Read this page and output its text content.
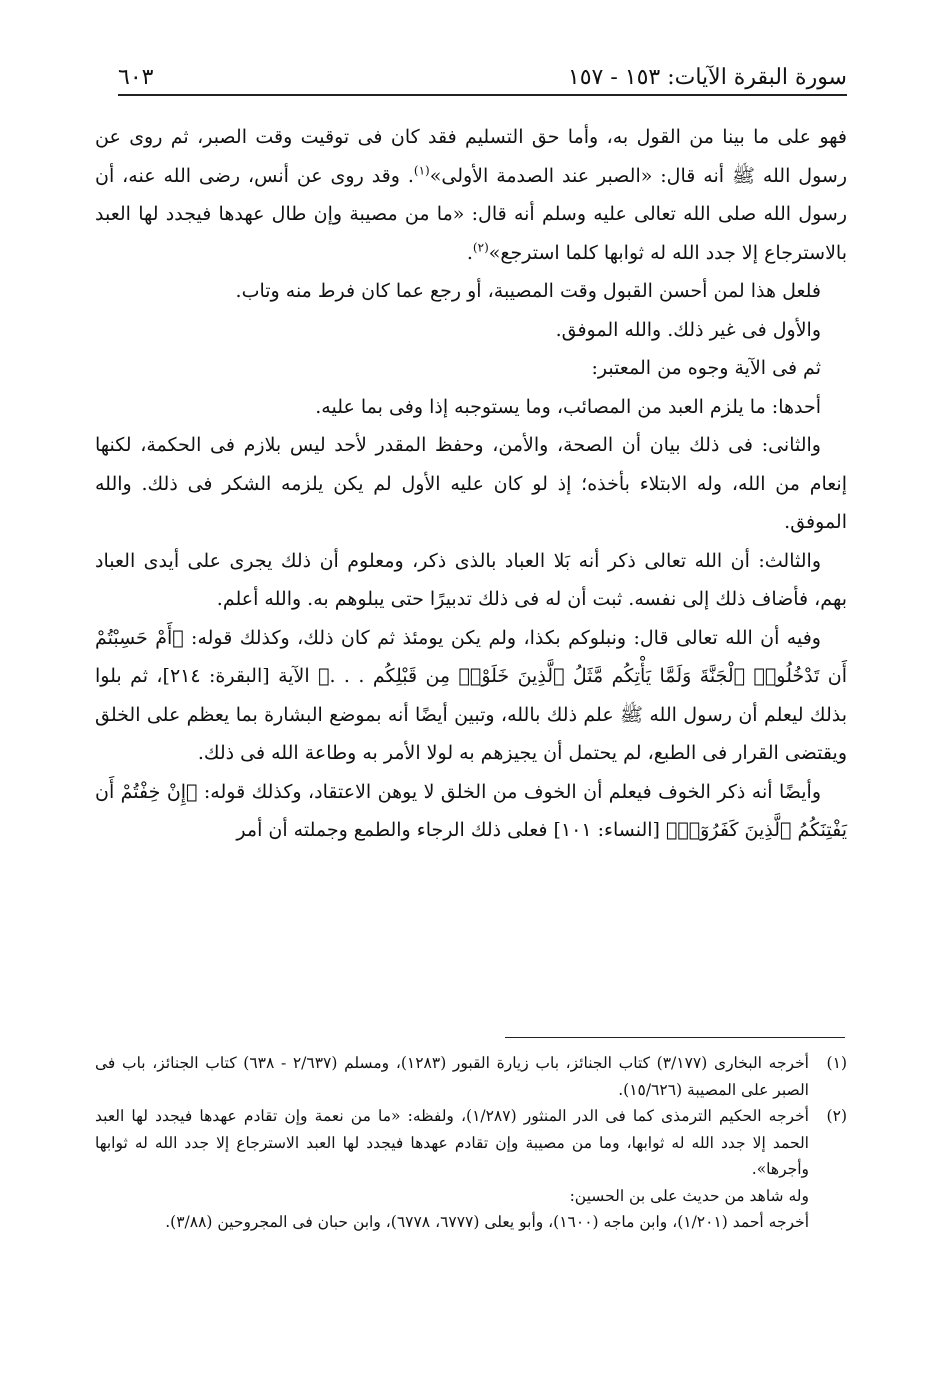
سورة البقرة الآيات: ١٥٣ - ١٥٧
٦٠٣

فهو على ما بينا من القول به، وأما حق التسليم فقد كان فى توقيت وقت الصبر، ثم روى عن رسول الله ﷺ أنه قال: «الصبر عند الصدمة الأولى»$^{(١)}$. وقد روى عن أنس، رضى الله عنه، أن رسول الله صلى الله تعالى عليه وسلم أنه قال: «ما من مصيبة وإن طال عهدها فيجدد لها العبد بالاسترجاع إلا جدد الله له ثوابها كلما استرجع»$^{(٢)}$.

فلعل هذا لمن أحسن القبول وقت المصيبة، أو رجع عما كان فرط منه وتاب.

والأول فى غير ذلك. والله الموفق.

ثم فى الآية وجوه من المعتبر:

أحدها: ما يلزم العبد من المصائب، وما يستوجبه إذا وفى بما عليه.

والثانى: فى ذلك بيان أن الصحة، والأمن، وحفظ المقدر لأحد ليس بلازم فى الحكمة، لكنها إنعام من الله، وله الابتلاء بأخذه؛ إذ لو كان عليه الأول لم يكن يلزمه الشكر فى ذلك. والله الموفق.

والثالث: أن الله تعالى ذكر أنه بَلا العباد بالذى ذكر، ومعلوم أن ذلك يجرى على أيدى العباد بهم، فأضاف ذلك إلى نفسه. ثبت أن له فى ذلك تدبيرًا حتى يبلوهم به. والله أعلم.

وفيه أن الله تعالى قال: ونبلوكم بكذا، ولم يكن يومئذ ثم كان ذلك، وكذلك قوله: ﴿أَمْ حَسِبْتُمْ أَن تَدْخُلُوا۟ ٱلْجَنَّةَ وَلَمَّا يَأْتِكُم مَّثَلُ ٱلَّذِينَ خَلَوْا۟ مِن قَبْلِكُم . . .﴾ الآية [البقرة: ٢١٤]، ثم بلوا بذلك ليعلم أن رسول الله ﷺ علم ذلك بالله، وتبين أيضًا أنه بموضع البشارة بما يعظم على الخلق ويقتضى القرار فى الطبع، لم يحتمل أن يجيزهم به لولا الأمر به وطاعة الله فى ذلك.

وأيضًا أنه ذكر الخوف فيعلم أن الخوف من الخلق لا يوهن الاعتقاد، وكذلك قوله: ﴿إِنْ خِفْتُمْ أَن يَفْتِنَكُمُ ٱلَّذِينَ كَفَرُوٓا۟﴾ [النساء: ١٠١] فعلى ذلك الرجاء والطمع وجملته أن أمر

(١)
أخرجه البخارى (٣/١٧٧) كتاب الجنائز، باب زيارة القبور (١٢٨٣)، ومسلم (٢/٦٣٧ - ٦٣٨) كتاب الجنائز، باب فى الصبر على المصيبة (١٥/٦٢٦).
(٢)
أخرجه الحكيم الترمذى كما فى الدر المنثور (١/٢٨٧)، ولفظه: «ما من نعمة وإن تقادم عهدها فيجدد لها العبد الحمد إلا جدد الله له ثوابها، وما من مصيبة وإن تقادم عهدها فيجدد لها العبد الاسترجاع إلا جدد الله له ثوابها وأجرها».
وله شاهد من حديث على بن الحسين:
أخرجه أحمد (١/٢٠١)، وابن ماجه (١٦٠٠)، وأبو يعلى (٦٧٧٧، ٦٧٧٨)، وابن حبان فى المجروحين (٣/٨٨).
